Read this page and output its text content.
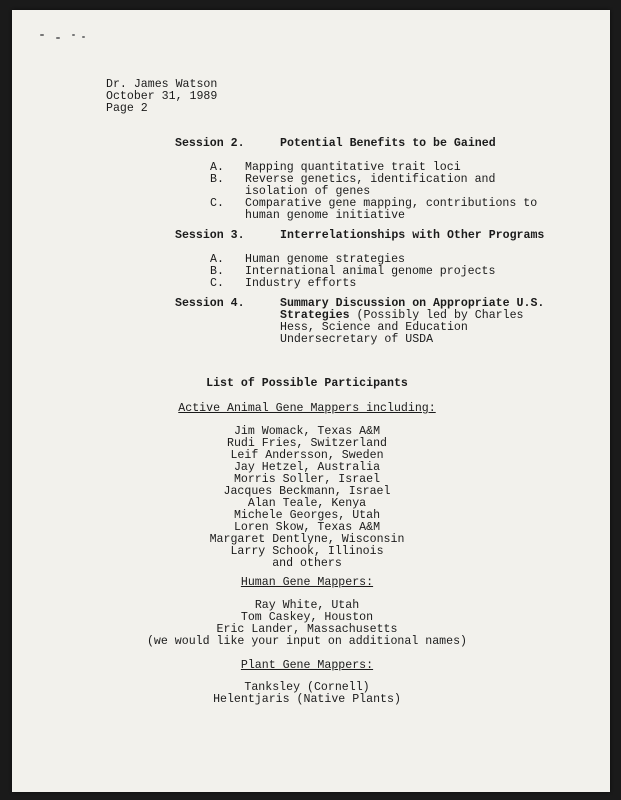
Dr. James Watson
October 31, 1989
Page 2
Session 2.	Potential Benefits to be Gained
A. Mapping quantitative trait loci
B. Reverse genetics, identification and
isolation of genes
C. Comparative gene mapping, contributions to
human genome initiative
Session 3.	Interrelationships with Other Programs
A. Human genome strategies
B. International animal genome projects
C. Industry efforts
Session 4.	Summary Discussion on Appropriate U.S.
Strategies (Possibly led by Charles
Hess, Science and Education
Undersecretary of USDA
List of Possible Participants
Active Animal Gene Mappers including:
Jim Womack, Texas A&M
Rudi Fries, Switzerland
Leif Andersson, Sweden
Jay Hetzel, Australia
Morris Soller, Israel
Jacques Beckmann, Israel
Alan Teale, Kenya
Michele Georges, Utah
Loren Skow, Texas A&M
Margaret Dentlyne, Wisconsin
Larry Schook, Illinois
and others
Human Gene Mappers:
Ray White, Utah
Tom Caskey, Houston
Eric Lander, Massachusetts
(we would like your input on additional names)
Plant Gene Mappers:
Tanksley (Cornell)
Helentjaris (Native Plants)
